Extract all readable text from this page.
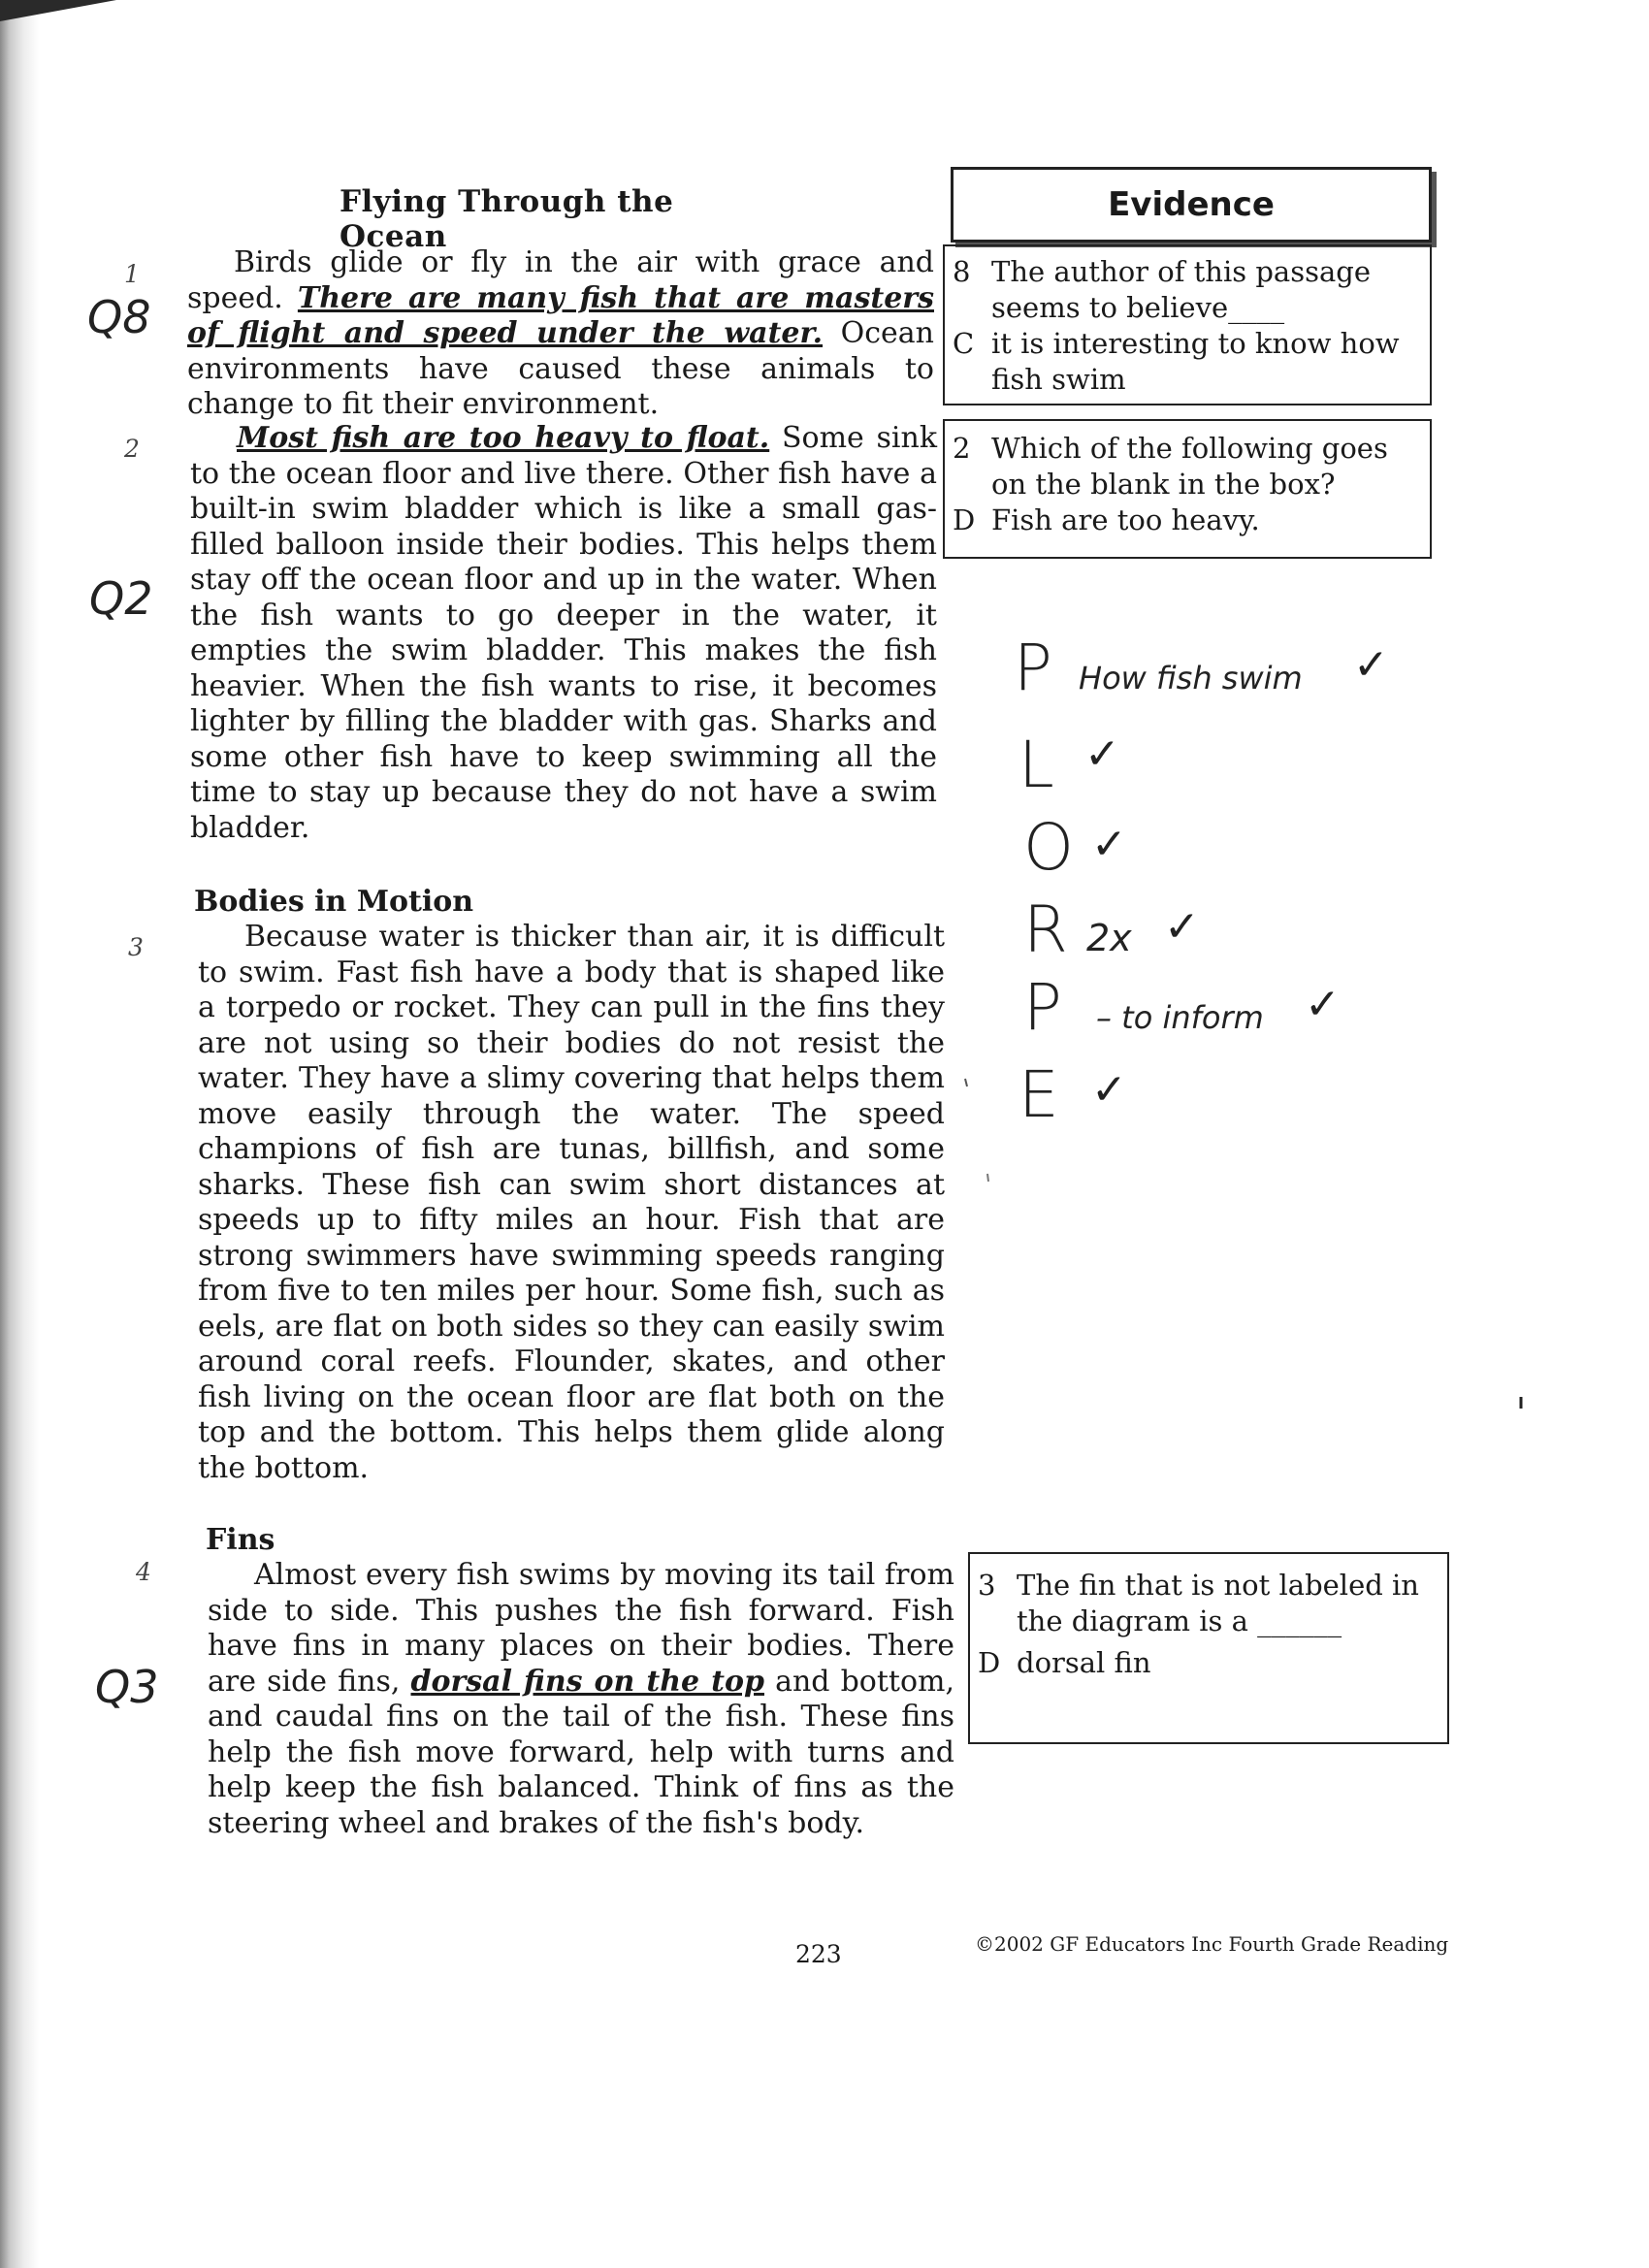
Flying Through the Ocean
1
2
3
4

Birds glide or fly in the air with grace and speed. There are many fish that are masters of flight and speed under the water. Ocean environments have caused these animals to change to fit their environment.

Most fish are too heavy to float. Some sink to the ocean floor and live there. Other fish have a built-in swim bladder which is like a small gas-filled balloon inside their bodies. This helps them stay off the ocean floor and up in the water. When the fish wants to go deeper in the water, it empties the swim bladder. This makes the fish heavier. When the fish wants to rise, it becomes lighter by filling the bladder with gas. Sharks and some other fish have to keep swimming all the time to stay up because they do not have a swim bladder.

Bodies in Motion

Because water is thicker than air, it is difficult to swim. Fast fish have a body that is shaped like a torpedo or rocket. They can pull in the fins they are not using so their bodies do not resist the water. They have a slimy covering that helps them move easily through the water. The speed champions of fish are tunas, billfish, and some sharks. These fish can swim short distances at speeds up to fifty miles an hour. Fish that are strong swimmers have swimming speeds ranging from five to ten miles per hour. Some fish, such as eels, are flat on both sides so they can easily swim around coral reefs. Flounder, skates, and other fish living on the ocean floor are flat both on the top and the bottom. This helps them glide along the bottom.

Fins

Almost every fish swims by moving its tail from side to side. This pushes the fish forward. Fish have fins in many places on their bodies. There are side fins, dorsal fins on the top and bottom, and caudal fins on the tail of the fish. These fins help the fish move forward, help with turns and help keep the fish balanced. Think of fins as the steering wheel and brakes of the fish's body.

Evidence
8 The author of this passage seems to believe____
C it is interesting to know how fish swim
2 Which of the following goes on the blank in the box?
D Fish are too heavy.
3 The fin that is not labeled in the diagram is a ______
D dorsal fin
Q8
Q2
Q3
P How fish swim ✓
L ✓
O ✓
R 2x ✓
P – to inform ✓
E ✓
223	©2002 GF Educators Inc Fourth Grade Reading
